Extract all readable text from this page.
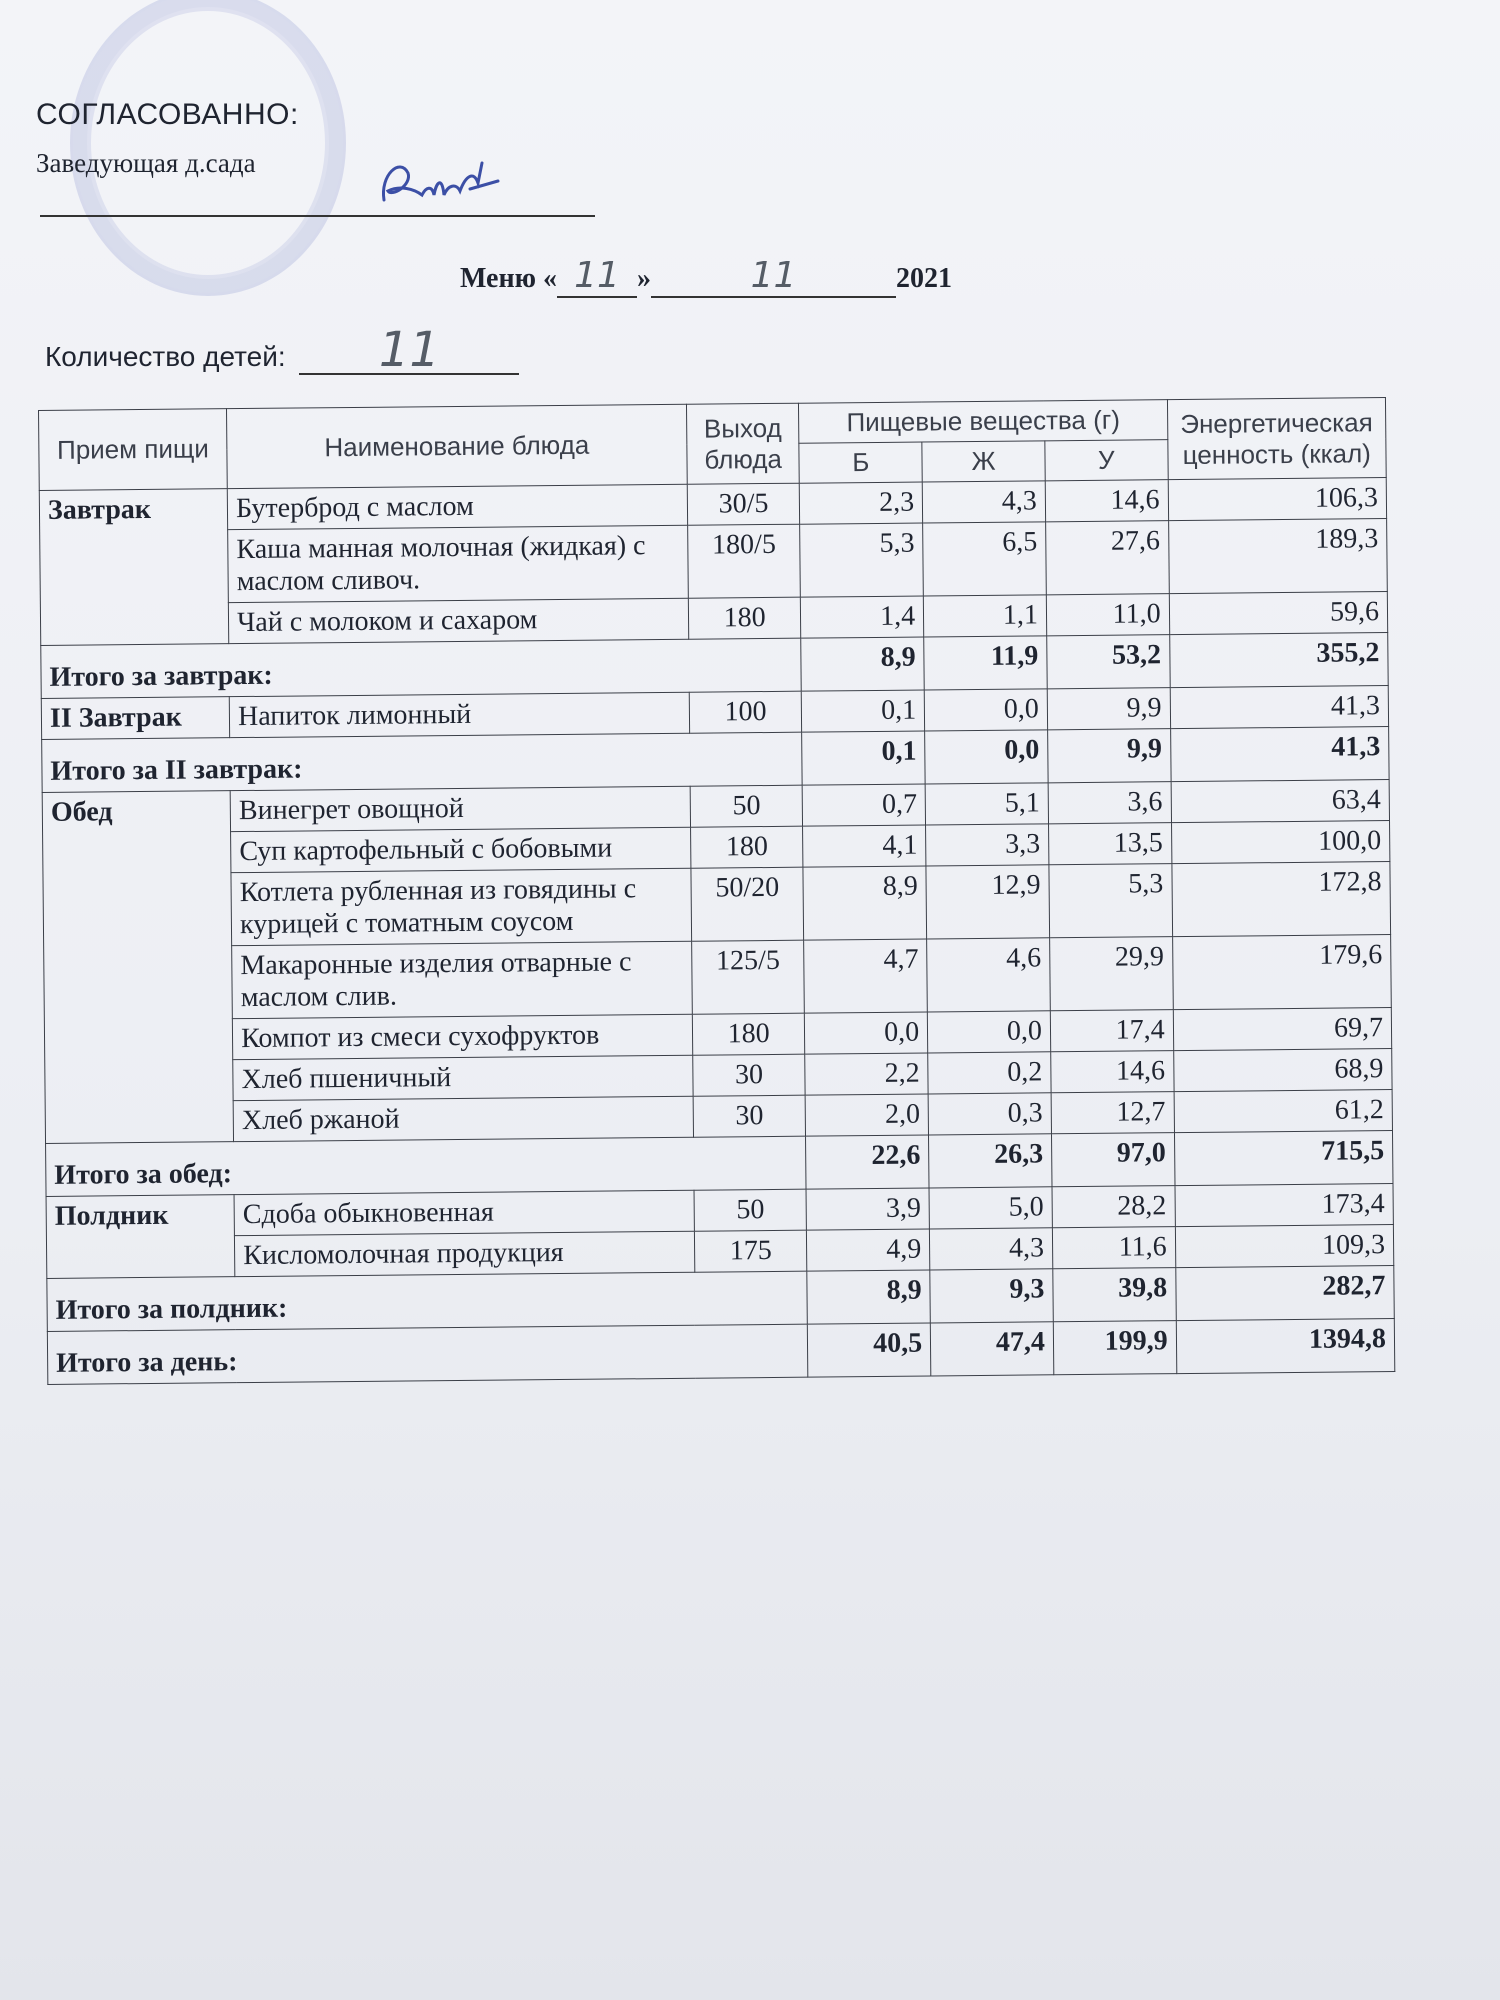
СОГЛАСОВАННО:
Заведующая д.сада
Меню « 11 »	11	2021
Количество детей: 11
Прием пищи	Наименование блюда	Выход блюда	Пищевые вещества (г)			Энергетическая ценность (ккал)
			Б	Ж	У	
Завтрак	Бутерброд с маслом	30/5	2,3	4,3	14,6	106,3
	Каша манная молочная (жидкая) с маслом сливоч.	180/5	5,3	6,5	27,6	189,3
	Чай с молоком и сахаром	180	1,4	1,1	11,0	59,6
Итого за завтрак:			8,9	11,9	53,2	355,2
II Завтрак	Напиток лимонный	100	0,1	0,0	9,9	41,3
Итого за II завтрак:			0,1	0,0	9,9	41,3
Обед	Винегрет овощной	50	0,7	5,1	3,6	63,4
	Суп картофельный с бобовыми	180	4,1	3,3	13,5	100,0
	Котлета рубленная из говядины с курицей с томатным соусом	50/20	8,9	12,9	5,3	172,8
	Макаронные изделия отварные с маслом слив.	125/5	4,7	4,6	29,9	179,6
	Компот из смеси сухофруктов	180	0,0	0,0	17,4	69,7
	Хлеб пшеничный	30	2,2	0,2	14,6	68,9
	Хлеб ржаной	30	2,0	0,3	12,7	61,2
Итого за обед:			22,6	26,3	97,0	715,5
Полдник	Сдоба обыкновенная	50	3,9	5,0	28,2	173,4
	Кисломолочная продукция	175	4,9	4,3	11,6	109,3
Итого за полдник:			8,9	9,3	39,8	282,7
Итого за день:			40,5	47,4	199,9	1394,8
